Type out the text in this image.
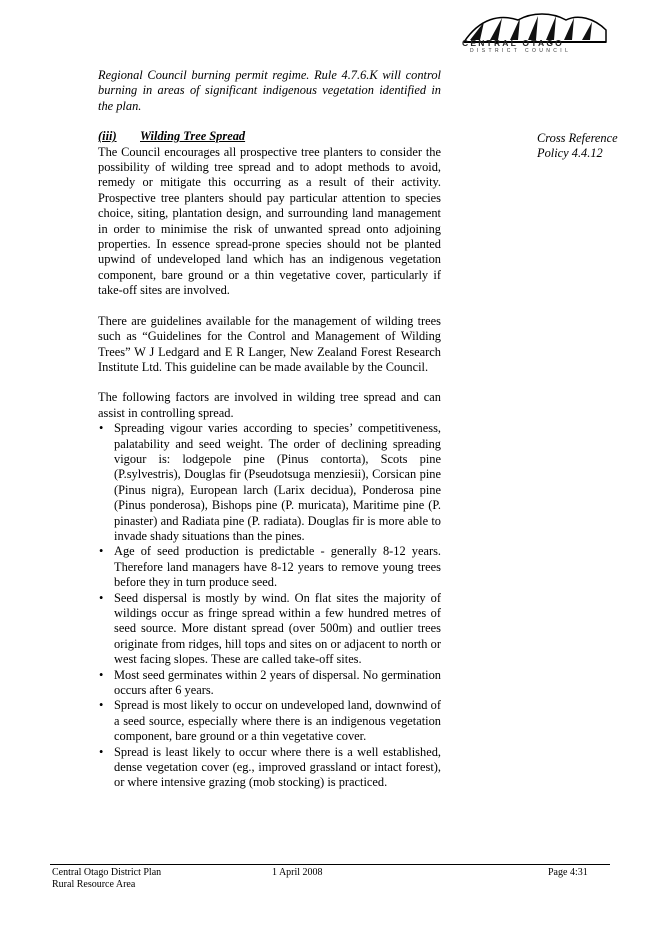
CENTRAL OTAGO
DISTRICT COUNCIL

Regional Council burning permit regime. Rule 4.7.6.K will control burning in areas of significant indigenous vegetation identified in the plan.

(iii) Wilding Tree Spread

The Council encourages all prospective tree planters to consider the possibility of wilding tree spread and to adopt methods to avoid, remedy or mitigate this occurring as a result of their activity. Prospective tree planters should pay particular attention to species choice, siting, plantation design, and surrounding land management in order to minimise the risk of unwanted spread onto adjoining properties. In essence spread-prone species should not be planted upwind of undeveloped land which has an indigenous vegetation component, bare ground or a thin vegetative cover, particularly if take-off sites are involved.

There are guidelines available for the management of wilding trees such as “Guidelines for the Control and Management of Wilding Trees” W J Ledgard and E R Langer, New Zealand Forest Research Institute Ltd. This guideline can be made available by the Council.

The following factors are involved in wilding tree spread and can assist in controlling spread.

• Spreading vigour varies according to species’ competitiveness, palatability and seed weight. The order of declining spreading vigour is: lodgepole pine (Pinus contorta), Scots pine (P.sylvestris), Douglas fir (Pseudotsuga menziesii), Corsican pine (Pinus nigra), European larch (Larix decidua), Ponderosa pine (Pinus ponderosa), Bishops pine (P. muricata), Maritime pine (P. pinaster) and Radiata pine (P. radiata). Douglas fir is more able to invade shady situations than the pines.
• Age of seed production is predictable - generally 8-12 years. Therefore land managers have 8-12 years to remove young trees before they in turn produce seed.
• Seed dispersal is mostly by wind. On flat sites the majority of wildings occur as fringe spread within a few hundred metres of seed source. More distant spread (over 500m) and outlier trees originate from ridges, hill tops and sites on or adjacent to north or west facing slopes. These are called take-off sites.
• Most seed germinates within 2 years of dispersal. No germination occurs after 6 years.
• Spread is most likely to occur on undeveloped land, downwind of a seed source, especially where there is an indigenous vegetation component, bare ground or a thin vegetative cover.
• Spread is least likely to occur where there is a well established, dense vegetation cover (eg., improved grassland or intact forest), or where intensive grazing (mob stocking) is practiced.
Cross Reference
Policy 4.4.12
Central Otago District Plan
Rural Resource Area
1 April 2008	Page 4:31
